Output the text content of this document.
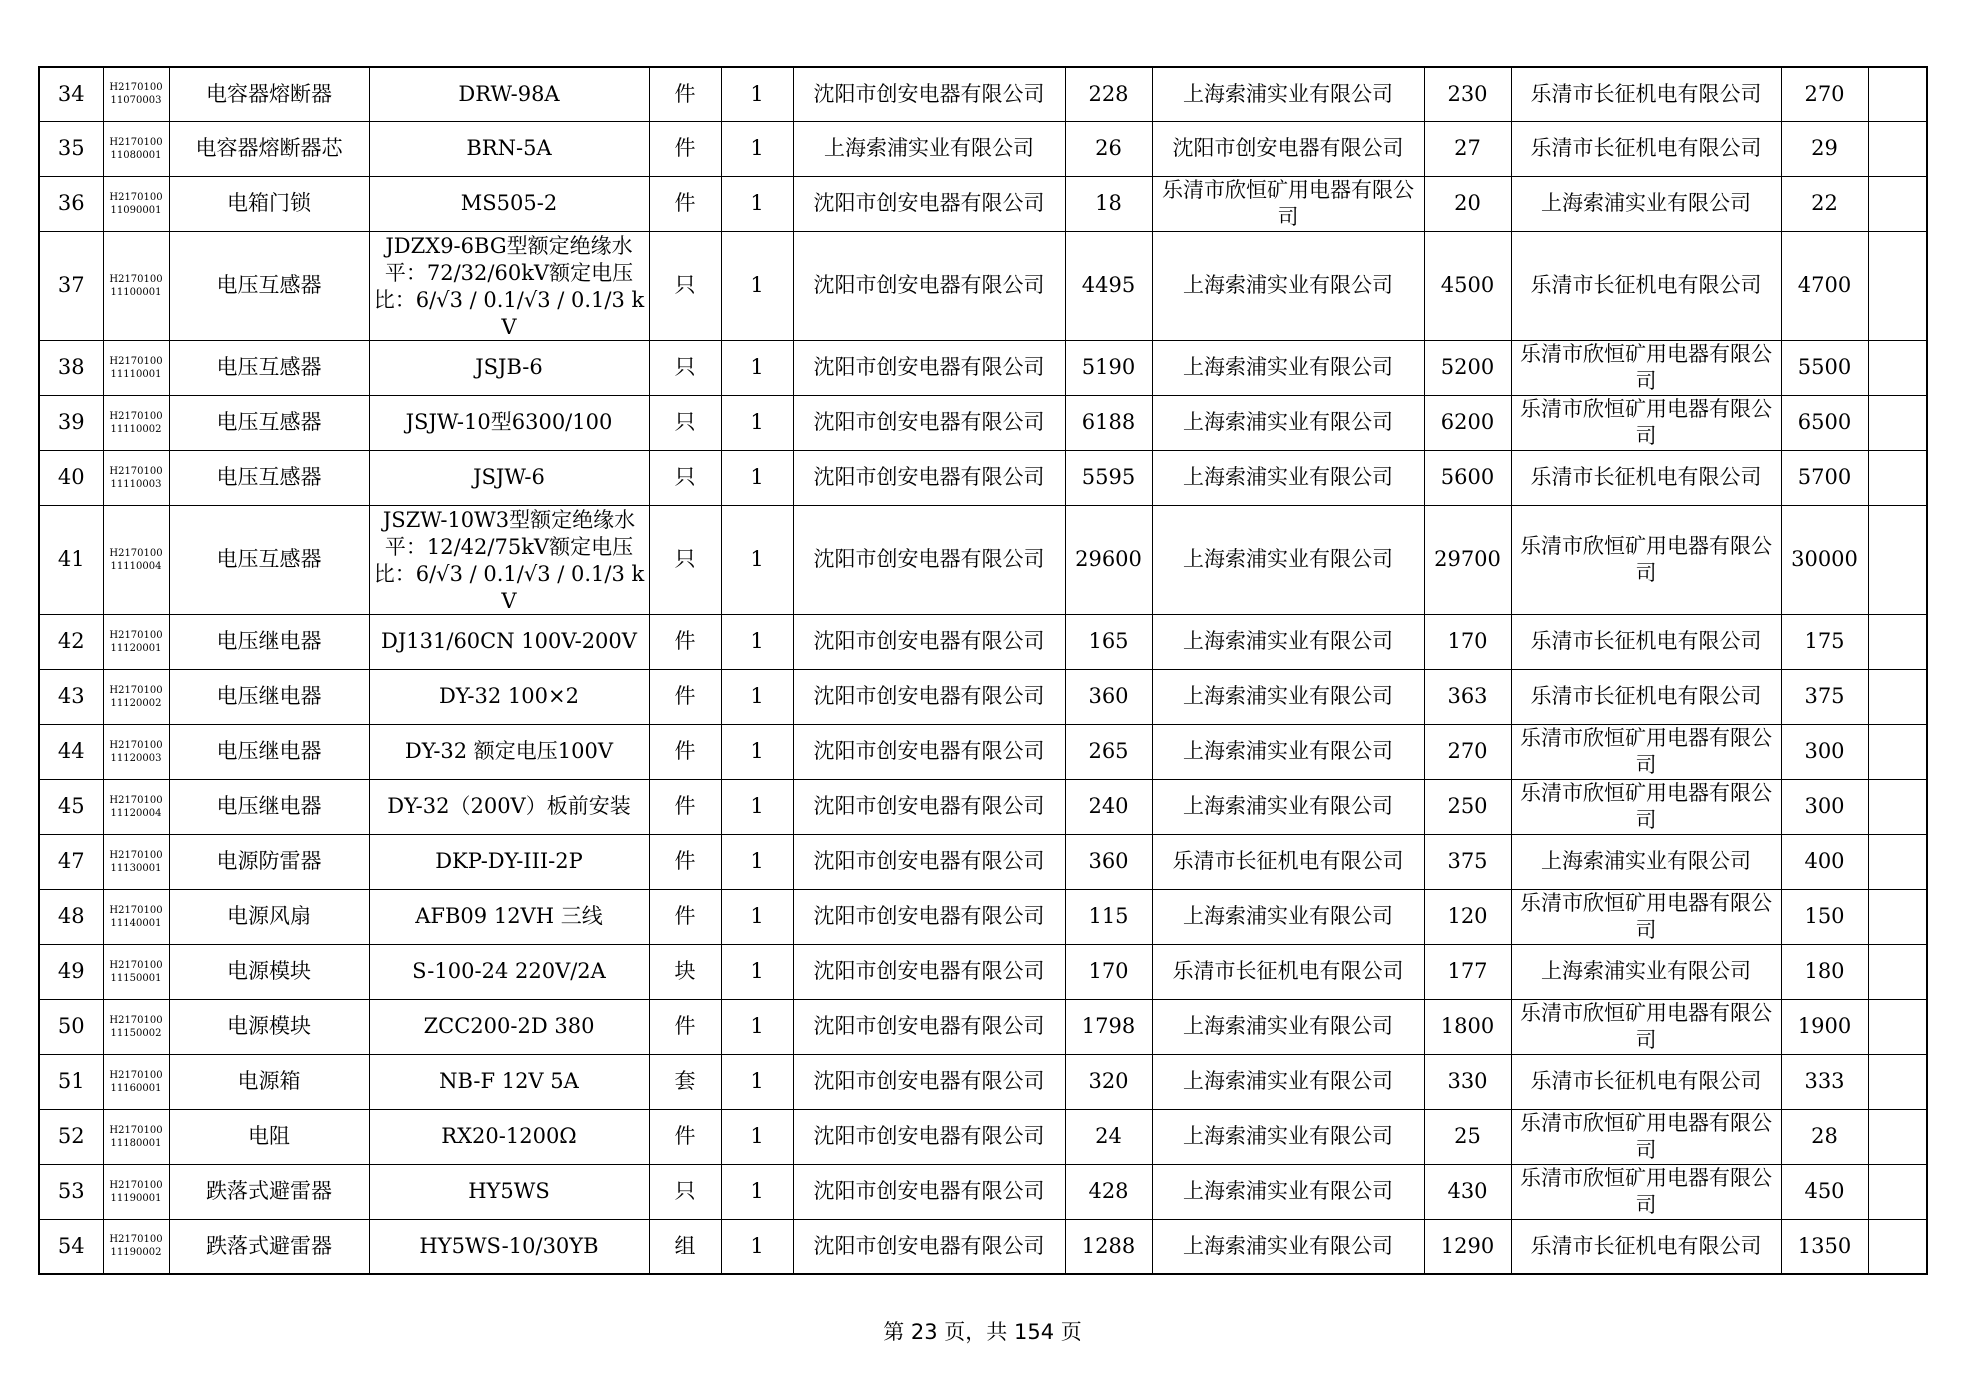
34	H2170100 11070003	电容器熔断器	DRW-98A	件	1	沈阳市创安电器有限公司	228	上海索浦实业有限公司	230	乐清市长征机电有限公司	270	
35	H2170100 11080001	电容器熔断器芯	BRN-5A	件	1	上海索浦实业有限公司	26	沈阳市创安电器有限公司	27	乐清市长征机电有限公司	29	
36	H2170100 11090001	电箱门锁	MS505-2	件	1	沈阳市创安电器有限公司	18	乐清市欣恒矿用电器有限公司	20	上海索浦实业有限公司	22	
37	H2170100 11100001	电压互感器	JDZX9-6BG型额定绝缘水平：72/32/60kV额定电压比：6/√3 / 0.1/√3 / 0.1/3 kV	只	1	沈阳市创安电器有限公司	4495	上海索浦实业有限公司	4500	乐清市长征机电有限公司	4700	
38	H2170100 11110001	电压互感器	JSJB-6	只	1	沈阳市创安电器有限公司	5190	上海索浦实业有限公司	5200	乐清市欣恒矿用电器有限公司	5500	
39	H2170100 11110002	电压互感器	JSJW-10型6300/100	只	1	沈阳市创安电器有限公司	6188	上海索浦实业有限公司	6200	乐清市欣恒矿用电器有限公司	6500	
40	H2170100 11110003	电压互感器	JSJW-6	只	1	沈阳市创安电器有限公司	5595	上海索浦实业有限公司	5600	乐清市长征机电有限公司	5700	
41	H2170100 11110004	电压互感器	JSZW-10W3型额定绝缘水平：12/42/75kV额定电压比：6/√3 / 0.1/√3 / 0.1/3 kV	只	1	沈阳市创安电器有限公司	29600	上海索浦实业有限公司	29700	乐清市欣恒矿用电器有限公司	30000	
42	H2170100 11120001	电压继电器	DJ131/60CN 100V-200V	件	1	沈阳市创安电器有限公司	165	上海索浦实业有限公司	170	乐清市长征机电有限公司	175	
43	H2170100 11120002	电压继电器	DY-32 100×2	件	1	沈阳市创安电器有限公司	360	上海索浦实业有限公司	363	乐清市长征机电有限公司	375	
44	H2170100 11120003	电压继电器	DY-32 额定电压100V	件	1	沈阳市创安电器有限公司	265	上海索浦实业有限公司	270	乐清市欣恒矿用电器有限公司	300	
45	H2170100 11120004	电压继电器	DY-32（200V）板前安装	件	1	沈阳市创安电器有限公司	240	上海索浦实业有限公司	250	乐清市欣恒矿用电器有限公司	300	
47	H2170100 11130001	电源防雷器	DKP-DY-III-2P	件	1	沈阳市创安电器有限公司	360	乐清市长征机电有限公司	375	上海索浦实业有限公司	400	
48	H2170100 11140001	电源风扇	AFB09 12VH 三线	件	1	沈阳市创安电器有限公司	115	上海索浦实业有限公司	120	乐清市欣恒矿用电器有限公司	150	
49	H2170100 11150001	电源模块	S-100-24 220V/2A	块	1	沈阳市创安电器有限公司	170	乐清市长征机电有限公司	177	上海索浦实业有限公司	180	
50	H2170100 11150002	电源模块	ZCC200-2D 380	件	1	沈阳市创安电器有限公司	1798	上海索浦实业有限公司	1800	乐清市欣恒矿用电器有限公司	1900	
51	H2170100 11160001	电源箱	NB-F 12V 5A	套	1	沈阳市创安电器有限公司	320	上海索浦实业有限公司	330	乐清市长征机电有限公司	333	
52	H2170100 11180001	电阻	RX20-1200Ω	件	1	沈阳市创安电器有限公司	24	上海索浦实业有限公司	25	乐清市欣恒矿用电器有限公司	28	
53	H2170100 11190001	跌落式避雷器	HY5WS	只	1	沈阳市创安电器有限公司	428	上海索浦实业有限公司	430	乐清市欣恒矿用电器有限公司	450	
54	H2170100 11190002	跌落式避雷器	HY5WS-10/30YB	组	1	沈阳市创安电器有限公司	1288	上海索浦实业有限公司	1290	乐清市长征机电有限公司	1350	
第 23 页，共 154 页
